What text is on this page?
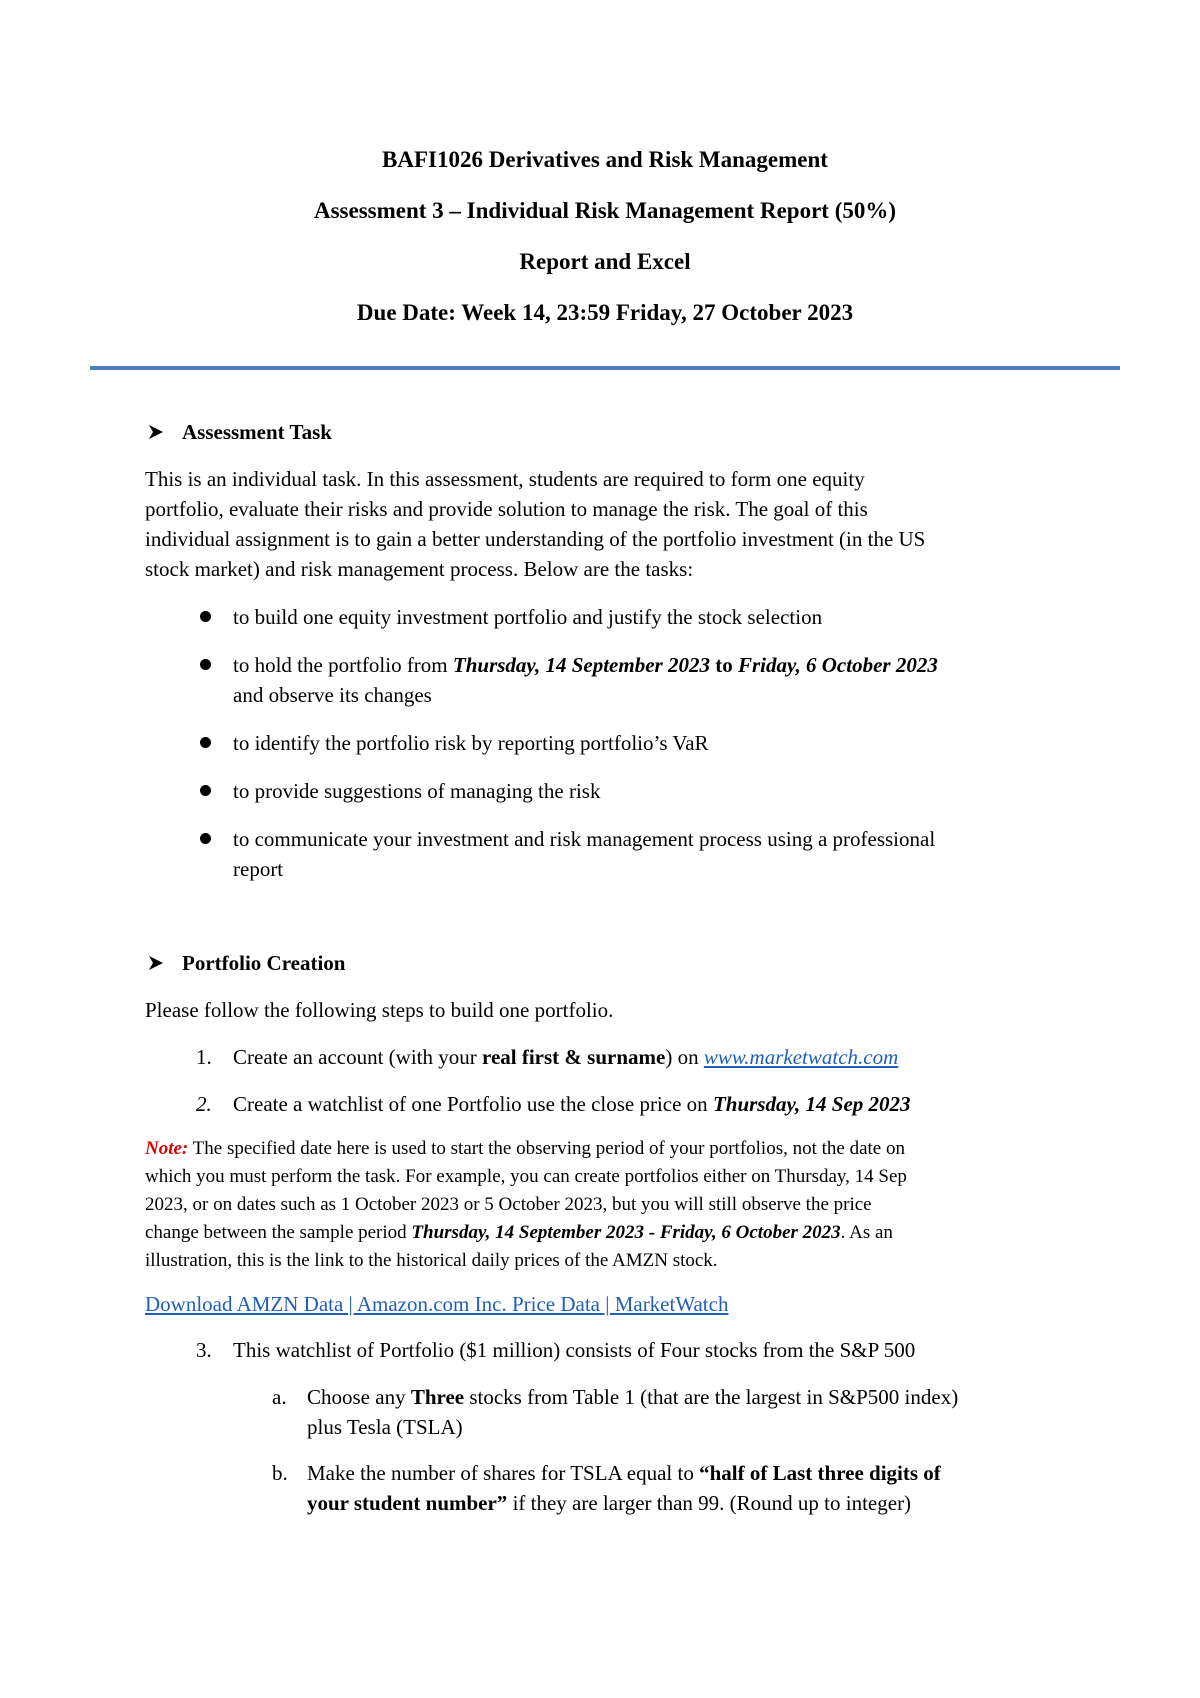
BAFI1026 Derivatives and Risk Management
Assessment 3 – Individual Risk Management Report (50%)
Report and Excel
Due Date: Week 14, 23:59 Friday, 27 October 2023
Assessment Task
This is an individual task. In this assessment, students are required to form one equity
portfolio, evaluate their risks and provide solution to manage the risk. The goal of this
individual assignment is to gain a better understanding of the portfolio investment (in the US
stock market) and risk management process. Below are the tasks:
to build one equity investment portfolio and justify the stock selection
to hold the portfolio from Thursday, 14 September 2023 to Friday, 6 October 2023
and observe its changes
to identify the portfolio risk by reporting portfolio’s VaR
to provide suggestions of managing the risk
to communicate your investment and risk management process using a professional
report
Portfolio Creation
Please follow the following steps to build one portfolio.
1. Create an account (with your real first & surname) on www.marketwatch.com
2. Create a watchlist of one Portfolio use the close price on Thursday, 14 Sep 2023
Note: The specified date here is used to start the observing period of your portfolios, not the date on
which you must perform the task. For example, you can create portfolios either on Thursday, 14 Sep
2023, or on dates such as 1 October 2023 or 5 October 2023, but you will still observe the price
change between the sample period Thursday, 14 September 2023 - Friday, 6 October 2023. As an
illustration, this is the link to the historical daily prices of the AMZN stock.
Download AMZN Data | Amazon.com Inc. Price Data | MarketWatch
3. This watchlist of Portfolio ($1 million) consists of Four stocks from the S&P 500
a. Choose any Three stocks from Table 1 (that are the largest in S&P500 index)
plus Tesla (TSLA)
b. Make the number of shares for TSLA equal to “half of Last three digits of
your student number” if they are larger than 99. (Round up to integer)
